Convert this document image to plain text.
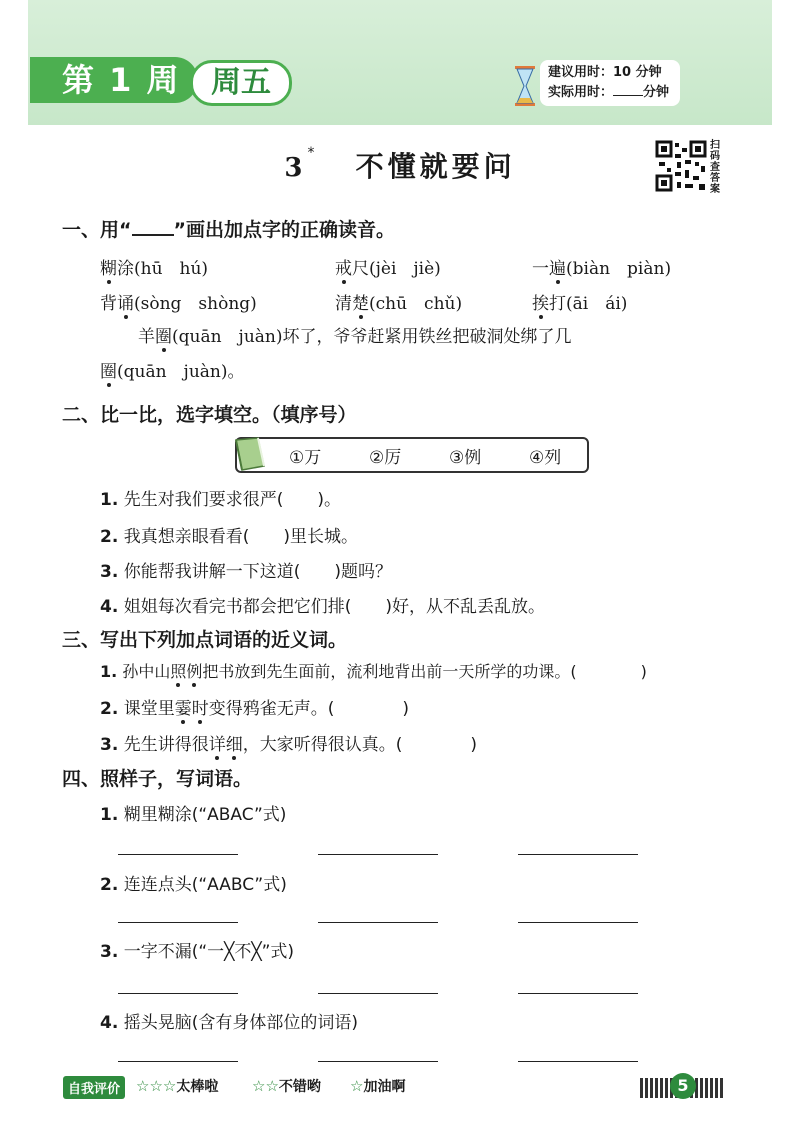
第 1 周	周五	建议用时：10 分钟
实际用时： 分钟
3 * 不懂就要问
扫码查答案
一、用“ ”画出加点字的正确读音。
糊涂(hū　hú)	戒尺(jèi　jiè)	一遍(biàn　piàn)
背诵(sòng　shòng)	清楚(chū　chǔ)	挨打(āi　ái)
羊圈(quān　juàn)坏了，爷爷赶紧用铁丝把破洞处绑了几
圈(quān　juàn)。
二、比一比，选字填空。（填序号）
①万	②厉	③例	④列
1. 先生对我们要求很严(　　)。
2. 我真想亲眼看看(　　)里长城。
3. 你能帮我讲解一下这道(　　)题吗？
4. 姐姐每次看完书都会把它们排(　　)好，从不乱丢乱放。
三、写出下列加点词语的近义词。
1. 孙中山照例把书放到先生面前，流利地背出前一天所学的功课。(　　　　)
2. 课堂里霎时变得鸦雀无声。(　　　　)
3. 先生讲得很详细，大家听得很认真。(　　　　)
四、照样子，写词语。
1. 糊里糊涂(“ABAC”式)
2. 连连点头(“AABC”式)
3. 一字不漏(“一╳不╳”式)
4. 摇头晃脑(含有身体部位的词语)
自我评价	☆☆☆太棒啦 ☆☆不错哟 ☆加油啊	5
